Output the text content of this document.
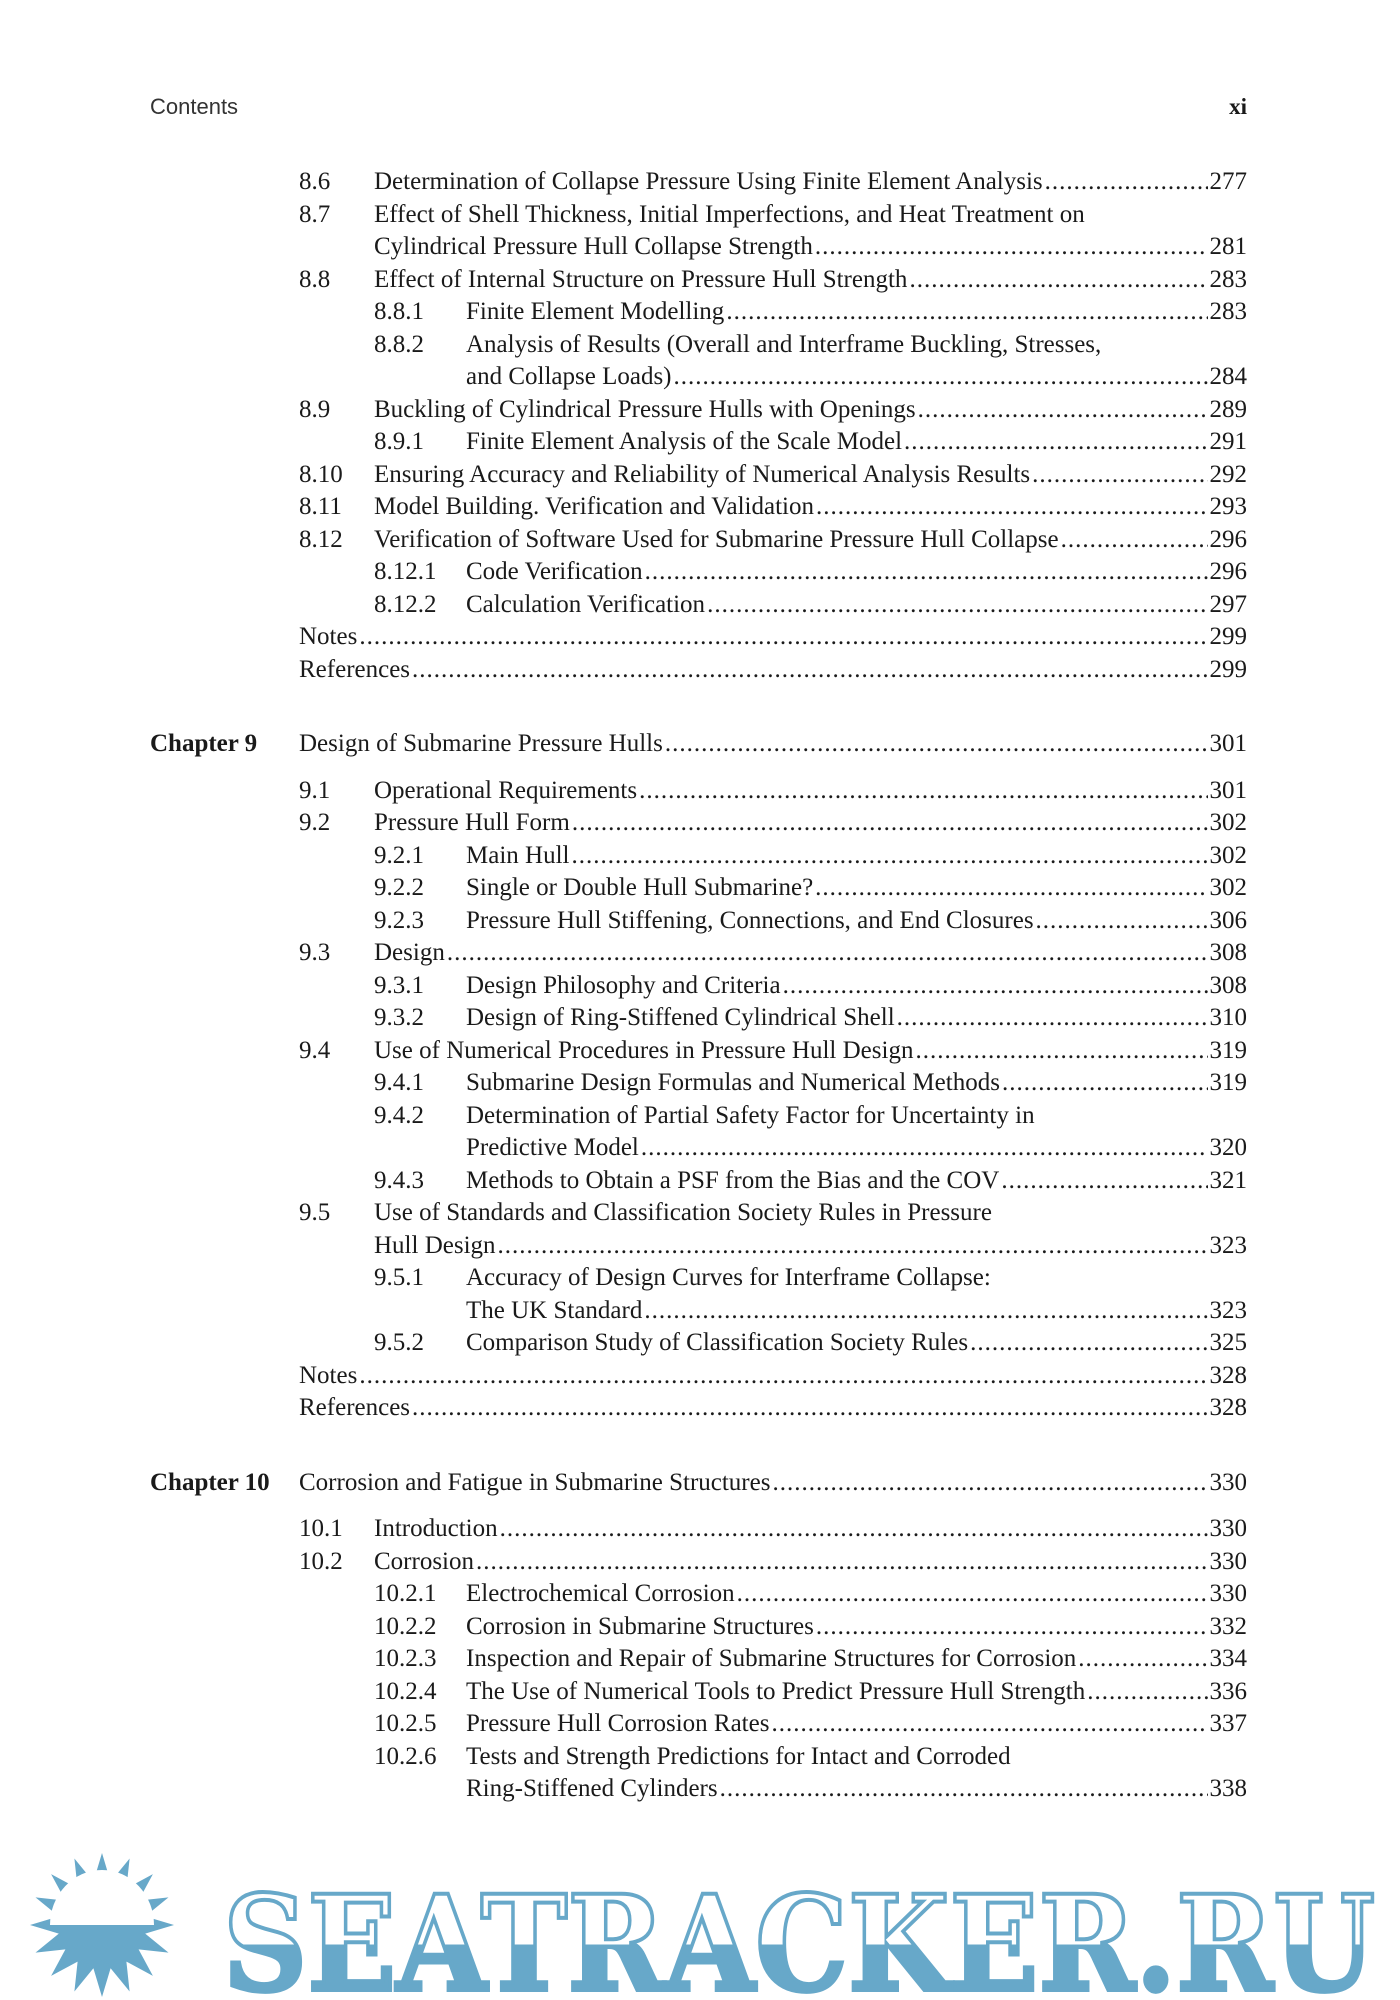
Contents	xi
8.6 Determination of Collapse Pressure Using Finite Element Analysis .....	277
8.7 Effect of Shell Thickness, Initial Imperfections, and Heat Treatment on
Cylindrical Pressure Hull Collapse Strength .....	281
8.8 Effect of Internal Structure on Pressure Hull Strength .....	283
8.8.1 Finite Element Modelling .....	283
8.8.2 Analysis of Results (Overall and Interframe Buckling, Stresses,
and Collapse Loads) .....	284
8.9 Buckling of Cylindrical Pressure Hulls with Openings .....	289
8.9.1 Finite Element Analysis of the Scale Model .....	291
8.10 Ensuring Accuracy and Reliability of Numerical Analysis Results .....	292
8.11 Model Building. Verification and Validation .....	293
8.12 Verification of Software Used for Submarine Pressure Hull Collapse .....	296
8.12.1 Code Verification .....	296
8.12.2 Calculation Verification .....	297
Notes .....	299
References .....	299
Chapter 9 Design of Submarine Pressure Hulls .....	301
9.1 Operational Requirements .....	301
9.2 Pressure Hull Form .....	302
9.2.1 Main Hull .....	302
9.2.2 Single or Double Hull Submarine? .....	302
9.2.3 Pressure Hull Stiffening, Connections, and End Closures .....	306
9.3 Design .....	308
9.3.1 Design Philosophy and Criteria .....	308
9.3.2 Design of Ring-Stiffened Cylindrical Shell .....	310
9.4 Use of Numerical Procedures in Pressure Hull Design .....	319
9.4.1 Submarine Design Formulas and Numerical Methods .....	319
9.4.2 Determination of Partial Safety Factor for Uncertainty in
Predictive Model .....	320
9.4.3 Methods to Obtain a PSF from the Bias and the COV .....	321
9.5 Use of Standards and Classification Society Rules in Pressure
Hull Design .....	323
9.5.1 Accuracy of Design Curves for Interframe Collapse:
The UK Standard .....	323
9.5.2 Comparison Study of Classification Society Rules .....	325
Notes .....	328
References .....	328
Chapter 10 Corrosion and Fatigue in Submarine Structures .....	330
10.1 Introduction .....	330
10.2 Corrosion .....	330
10.2.1 Electrochemical Corrosion .....	330
10.2.2 Corrosion in Submarine Structures .....	332
10.2.3 Inspection and Repair of Submarine Structures for Corrosion .....	334
10.2.4 The Use of Numerical Tools to Predict Pressure Hull Strength .....	336
10.2.5 Pressure Hull Corrosion Rates .....	337
10.2.6 Tests and Strength Predictions for Intact and Corroded
Ring-Stiffened Cylinders .....	338
SEATRACKER.RU
